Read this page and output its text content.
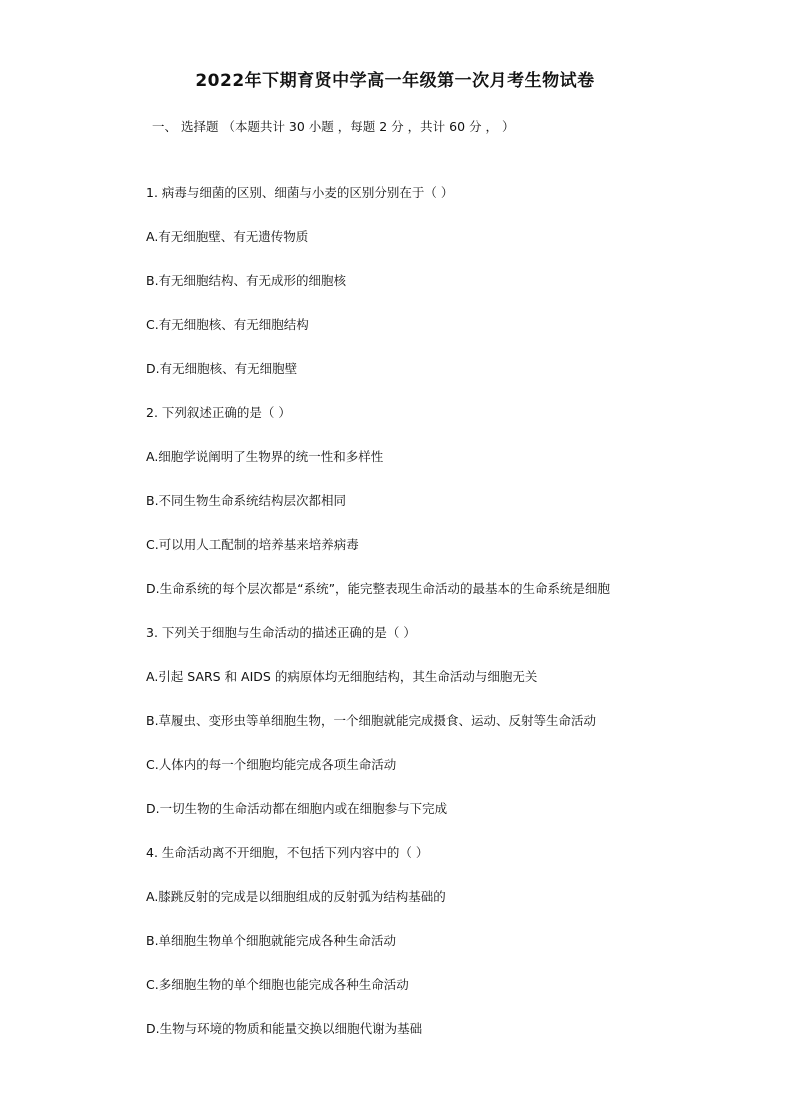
2022年下期育贤中学高一年级第一次月考生物试卷
一、 选择题 （本题共计 30 小题 ，每题 2 分 ，共计 60 分 ， ）
1. 病毒与细菌的区别、细菌与小麦的区别分别在于（ ）
A.有无细胞壁、有无遗传物质
B.有无细胞结构、有无成形的细胞核
C.有无细胞核、有无细胞结构
D.有无细胞核、有无细胞壁
2. 下列叙述正确的是（ ）
A.细胞学说阐明了生物界的统一性和多样性
B.不同生物生命系统结构层次都相同
C.可以用人工配制的培养基来培养病毒
D.生命系统的每个层次都是“系统”，能完整表现生命活动的最基本的生命系统是细胞
3. 下列关于细胞与生命活动的描述正确的是（ ）
A.引起 SARS 和 AIDS 的病原体均无细胞结构，其生命活动与细胞无关
B.草履虫、变形虫等单细胞生物，一个细胞就能完成摄食、运动、反射等生命活动
C.人体内的每一个细胞均能完成各项生命活动
D.一切生物的生命活动都在细胞内或在细胞参与下完成
4. 生命活动离不开细胞，不包括下列内容中的（ ）
A.膝跳反射的完成是以细胞组成的反射弧为结构基础的
B.单细胞生物单个细胞就能完成各种生命活动
C.多细胞生物的单个细胞也能完成各种生命活动
D.生物与环境的物质和能量交换以细胞代谢为基础
